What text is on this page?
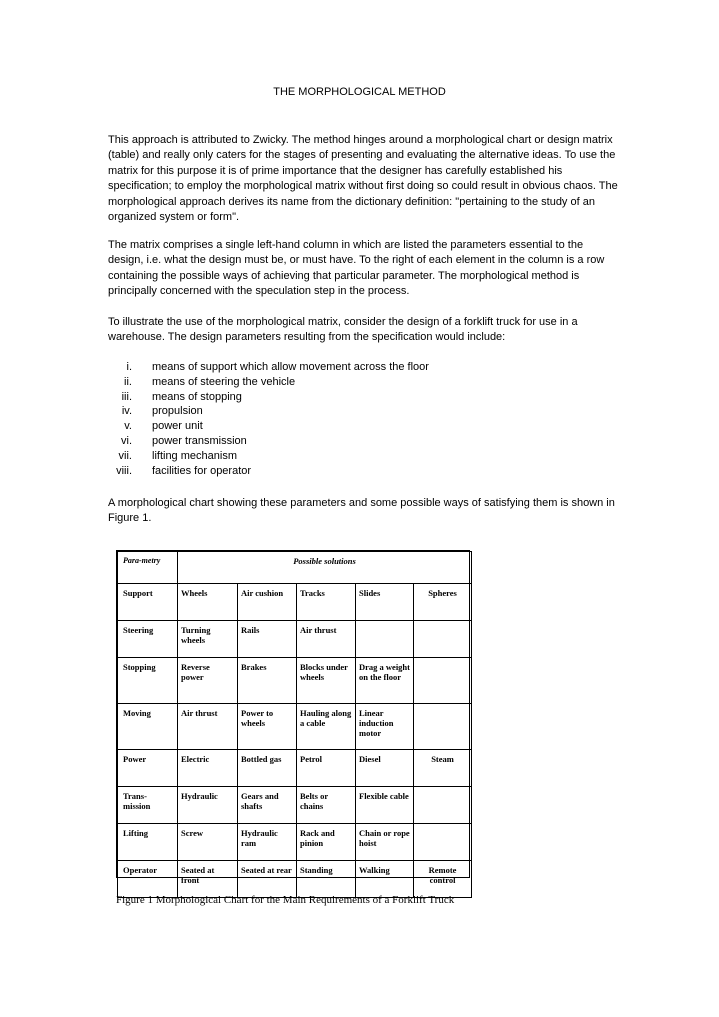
THE MORPHOLOGICAL METHOD

This approach is attributed to Zwicky. The method hinges around a morphological chart or design matrix (table) and really only caters for the stages of presenting and evaluating the alternative ideas. To use the matrix for this purpose it is of prime importance that the designer has carefully established his specification; to employ the morphological matrix without first doing so could result in obvious chaos. The morphological approach derives its name from the dictionary definition: "pertaining to the study of an organized system or form".

The matrix comprises a single left-hand column in which are listed the parameters essential to the design, i.e. what the design must be, or must have. To the right of each element in the column is a row containing the possible ways of achieving that particular parameter. The morphological method is principally concerned with the speculation step in the process.

To illustrate the use of the morphological matrix, consider the design of a forklift truck for use in a warehouse. The design parameters resulting from the specification would include:

i. means of support which allow movement across the floor
ii. means of steering the vehicle
iii. means of stopping
iv. propulsion
v. power unit
vi. power transmission
vii. lifting mechanism
viii. facilities for operator

A morphological chart showing these parameters and some possible ways of satisfying them is shown in Figure 1.

Para-metry	Possible solutions				
Support	Wheels	Air cushion	Tracks	Slides	Spheres
Steering	Turning wheels	Rails	Air thrust		
Stopping	Reverse power	Brakes	Blocks under wheels	Drag a weight on the floor	
Moving	Air thrust	Power to wheels	Hauling along a cable	Linear induction motor	
Power	Electric	Bottled gas	Petrol	Diesel	Steam
Trans-mission	Hydraulic	Gears and shafts	Belts or chains	Flexible cable	
Lifting	Screw	Hydraulic ram	Rack and pinion	Chain or rope hoist	
Operator	Seated at front	Seated at rear	Standing	Walking	Remote control
Figure 1 Morphological Chart for the Main Requirements of a Forklift Truck
